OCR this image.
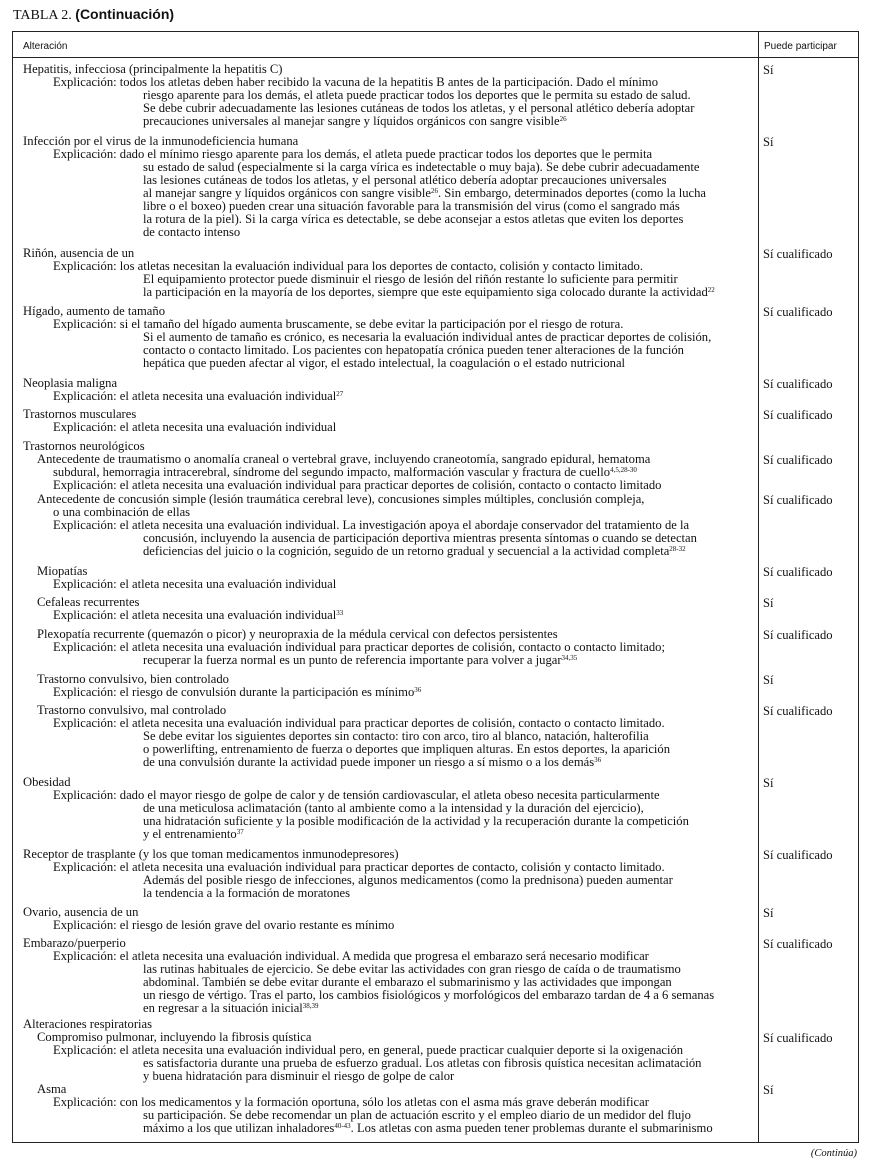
TABLA 2. (Continuación)
Alteración	Puede participar
Hepatitis, infecciosa (principalmente la hepatitis C)
Explicación: todos los atletas deben haber recibido la vacuna de la hepatitis B antes de la participación. Dado el mínimo
riesgo aparente para los demás, el atleta puede practicar todos los deportes que le permita su estado de salud.
Se debe cubrir adecuadamente las lesiones cutáneas de todos los atletas, y el personal atlético debería adoptar
precauciones universales al manejar sangre y líquidos orgánicos con sangre visible$^{26}$
Sí
Infección por el virus de la inmunodeficiencia humana
Explicación: dado el mínimo riesgo aparente para los demás, el atleta puede practicar todos los deportes que le permita
su estado de salud (especialmente si la carga vírica es indetectable o muy baja). Se debe cubrir adecuadamente
las lesiones cutáneas de todos los atletas, y el personal atlético debería adoptar precauciones universales
al manejar sangre y líquidos orgánicos con sangre visible$^{26}$. Sin embargo, determinados deportes (como la lucha
libre o el boxeo) pueden crear una situación favorable para la transmisión del virus (como el sangrado más
la rotura de la piel). Si la carga vírica es detectable, se debe aconsejar a estos atletas que eviten los deportes
de contacto intenso
Sí
Riñón, ausencia de un
Explicación: los atletas necesitan la evaluación individual para los deportes de contacto, colisión y contacto limitado.
El equipamiento protector puede disminuir el riesgo de lesión del riñón restante lo suficiente para permitir
la participación en la mayoría de los deportes, siempre que este equipamiento siga colocado durante la actividad$^{22}$
Sí cualificado
Hígado, aumento de tamaño
Explicación: si el tamaño del hígado aumenta bruscamente, se debe evitar la participación por el riesgo de rotura.
Si el aumento de tamaño es crónico, es necesaria la evaluación individual antes de practicar deportes de colisión,
contacto o contacto limitado. Los pacientes con hepatopatía crónica pueden tener alteraciones de la función
hepática que pueden afectar al vigor, el estado intelectual, la coagulación o el estado nutricional
Sí cualificado
Neoplasia maligna
Explicación: el atleta necesita una evaluación individual$^{27}$
Sí cualificado
Trastornos musculares
Explicación: el atleta necesita una evaluación individual
Sí cualificado
Trastornos neurológicos
Antecedente de traumatismo o anomalía craneal o vertebral grave, incluyendo craneotomía, sangrado epidural, hematoma
subdural, hemorragia intracerebral, síndrome del segundo impacto, malformación vascular y fractura de cuello$^{4,5,28-30}$
Explicación: el atleta necesita una evaluación individual para practicar deportes de colisión, contacto o contacto limitado
Sí cualificado
Antecedente de concusión simple (lesión traumática cerebral leve), concusiones simples múltiples, conclusión compleja,
o una combinación de ellas
Explicación: el atleta necesita una evaluación individual. La investigación apoya el abordaje conservador del tratamiento de la
concusión, incluyendo la ausencia de participación deportiva mientras presenta síntomas o cuando se detectan
deficiencias del juicio o la cognición, seguido de un retorno gradual y secuencial a la actividad completa$^{28-32}$
Sí cualificado
Miopatías
Explicación: el atleta necesita una evaluación individual
Sí cualificado
Cefaleas recurrentes
Explicación: el atleta necesita una evaluación individual$^{33}$
Sí
Plexopatía recurrente (quemazón o picor) y neuropraxia de la médula cervical con defectos persistentes
Explicación: el atleta necesita una evaluación individual para practicar deportes de colisión, contacto o contacto limitado;
recuperar la fuerza normal es un punto de referencia importante para volver a jugar$^{34,35}$
Sí cualificado
Trastorno convulsivo, bien controlado
Explicación: el riesgo de convulsión durante la participación es mínimo$^{36}$
Sí
Trastorno convulsivo, mal controlado
Explicación: el atleta necesita una evaluación individual para practicar deportes de colisión, contacto o contacto limitado.
Se debe evitar los siguientes deportes sin contacto: tiro con arco, tiro al blanco, natación, halterofilia
o powerlifting, entrenamiento de fuerza o deportes que impliquen alturas. En estos deportes, la aparición
de una convulsión durante la actividad puede imponer un riesgo a sí mismo o a los demás$^{36}$
Sí cualificado
Obesidad
Explicación: dado el mayor riesgo de golpe de calor y de tensión cardiovascular, el atleta obeso necesita particularmente
de una meticulosa aclimatación (tanto al ambiente como a la intensidad y la duración del ejercicio),
una hidratación suficiente y la posible modificación de la actividad y la recuperación durante la competición
y el entrenamiento$^{37}$
Sí
Receptor de trasplante (y los que toman medicamentos inmunodepresores)
Explicación: el atleta necesita una evaluación individual para practicar deportes de contacto, colisión y contacto limitado.
Además del posible riesgo de infecciones, algunos medicamentos (como la prednisona) pueden aumentar
la tendencia a la formación de moratones
Sí cualificado
Ovario, ausencia de un
Explicación: el riesgo de lesión grave del ovario restante es mínimo
Sí
Embarazo/puerperio
Explicación: el atleta necesita una evaluación individual. A medida que progresa el embarazo será necesario modificar
las rutinas habituales de ejercicio. Se debe evitar las actividades con gran riesgo de caída o de traumatismo
abdominal. También se debe evitar durante el embarazo el submarinismo y las actividades que impongan
un riesgo de vértigo. Tras el parto, los cambios fisiológicos y morfológicos del embarazo tardan de 4 a 6 semanas
en regresar a la situación inicial$^{38,39}$
Sí cualificado
Alteraciones respiratorias
Compromiso pulmonar, incluyendo la fibrosis quística
Explicación: el atleta necesita una evaluación individual pero, en general, puede practicar cualquier deporte si la oxigenación
es satisfactoria durante una prueba de esfuerzo gradual. Los atletas con fibrosis quística necesitan aclimatación
y buena hidratación para disminuir el riesgo de golpe de calor
Sí cualificado
Asma
Explicación: con los medicamentos y la formación oportuna, sólo los atletas con el asma más grave deberán modificar
su participación. Se debe recomendar un plan de actuación escrito y el empleo diario de un medidor del flujo
máximo a los que utilizan inhaladores$^{40-43}$. Los atletas con asma pueden tener problemas durante el submarinismo
Sí
(Continúa)
